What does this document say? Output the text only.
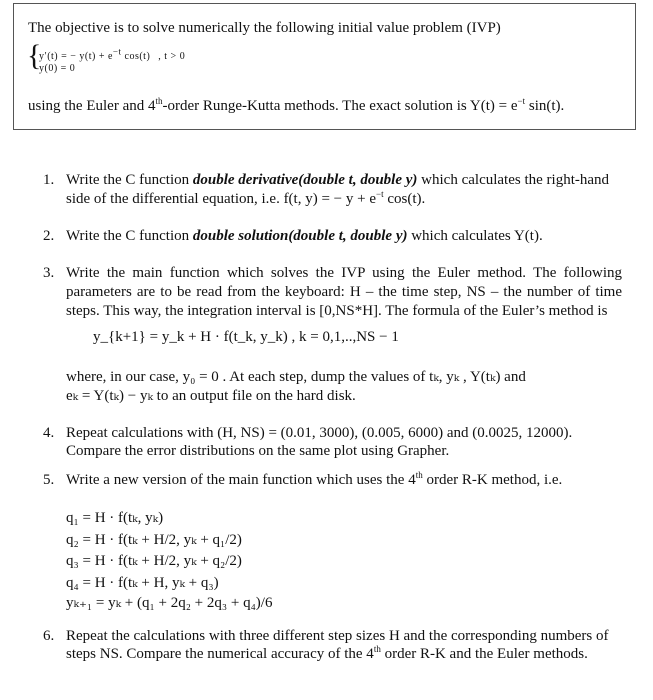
The objective is to solve numerically the following initial value problem (IVP)
{
y′(t) = − $y(t) + e^{-t}$ cos(t) , t > 0
y(0) = 0
using the Euler and 4th-order Runge-Kutta methods. The exact solution is $Y(t) = e^{-t}$ sin(t).
1. Write the C function double derivative(double t, double y) which calculates the right-hand
side of the differential equation, i.e. f(t, y) = − $y + e^{-t}$ cos(t).
2. Write the C function double solution(double t, double y) which calculates Y(t).
3. Write the main function which solves the IVP using the Euler method. The following parameters are to be read from the keyboard: H – the time step, NS – the number of time steps. This way, the integration interval is [0,NS*H]. The formula of the Euler’s method is
y_{k+1} = y_k + H · f(t_k, y_k) , k = 0,1,..,NS − 1
where, in our case, y₀ = 0 . At each step, dump the values of tₖ, yₖ , Y(tₖ) and
eₖ = Y(tₖ) − yₖ to an output file on the hard disk.
4. Repeat calculations with (H, NS) = (0.01, 3000), (0.005, 6000) and (0.0025, 12000).
Compare the error distributions on the same plot using Grapher.
5. Write a new version of the main function which uses the 4th order R-K method, i.e.
q₁ = H · f(tₖ, yₖ)
q₂ = H · f(tₖ + H/2, yₖ + q₁/2)
q₃ = H · f(tₖ + H/2, yₖ + q₂/2)
q₄ = H · f(tₖ + H, yₖ + q₃)
yₖ₊₁ = yₖ + (q₁ + 2q₂ + 2q₃ + q₄)/6
6. Repeat the calculations with three different step sizes H and the corresponding numbers of
steps NS. Compare the numerical accuracy of the 4th order R-K and the Euler methods.
